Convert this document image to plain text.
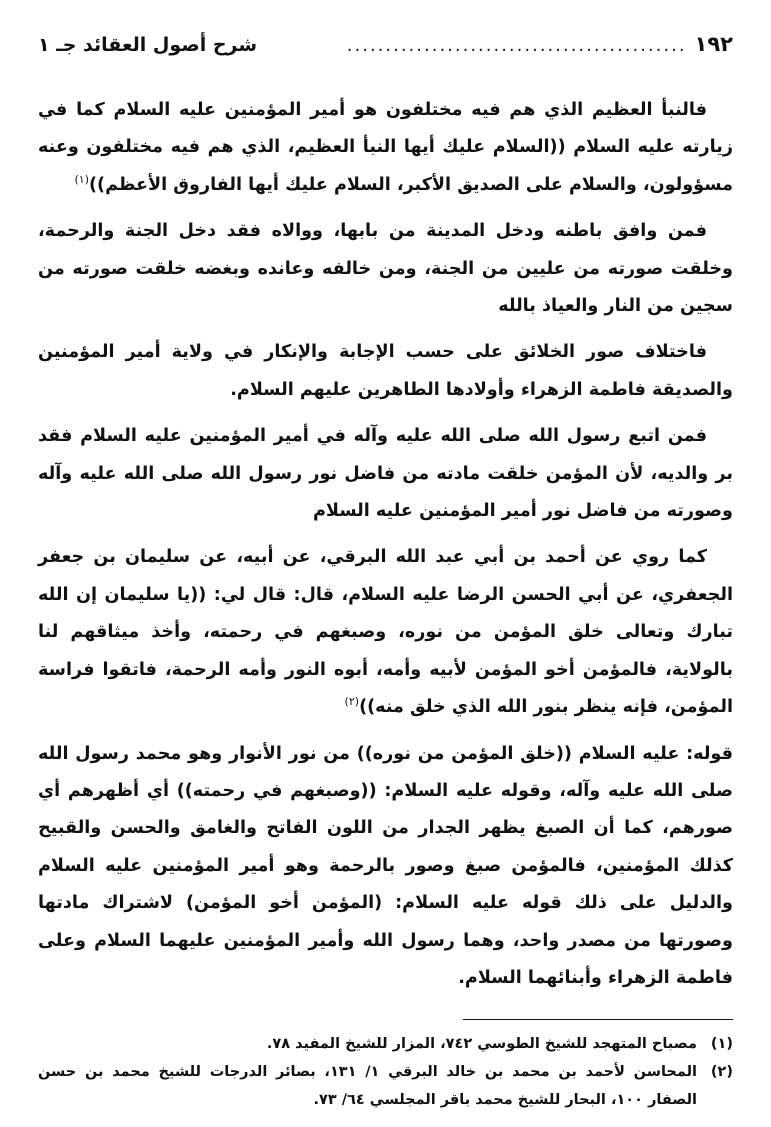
١٩٢
............................................
شرح أصول العقائد جـ ١

فالنبأ العظيم الذي هم فيه مختلفون هو أمير المؤمنين عليه السلام كما في زيارته عليه السلام ((السلام عليك أيها النبأ العظيم، الذي هم فيه مختلفون وعنه مسؤولون، والسلام على الصديق الأكبر، السلام عليك أيها الفاروق الأعظم))$^{(١)}$

فمن وافق باطنه ودخل المدينة من بابها، ووالاه فقد دخل الجنة والرحمة، وخلقت صورته من عليين من الجنة، ومن خالفه وعانده وبغضه خلقت صورته من سجين من النار والعياذ بالله

فاختلاف صور الخلائق على حسب الإجابة والإنكار في ولاية أمير المؤمنين والصديقة فاطمة الزهراء وأولادها الطاهرين عليهم السلام.

فمن اتبع رسول الله صلى الله عليه وآله في أمير المؤمنين عليه السلام فقد بر والديه، لأن المؤمن خلقت مادته من فاضل نور رسول الله صلى الله عليه وآله وصورته من فاضل نور أمير المؤمنين عليه السلام

كما روي عن أحمد بن أبي عبد الله البرقي، عن أبيه، عن سليمان بن جعفر الجعفري، عن أبي الحسن الرضا عليه السلام، قال: قال لي: ((يا سليمان إن الله تبارك وتعالى خلق المؤمن من نوره، وصبغهم في رحمته، وأخذ ميثاقهم لنا بالولاية، فالمؤمن أخو المؤمن لأبيه وأمه، أبوه النور وأمه الرحمة، فاتقوا فراسة المؤمن، فإنه ينظر بنور الله الذي خلق منه))$^{(٢)}$

قوله: عليه السلام ((خلق المؤمن من نوره)) من نور الأنوار وهو محمد رسول الله صلى الله عليه وآله، وقوله عليه السلام: ((وصبغهم في رحمته)) أي أظهرهم أي صورهم، كما أن الصبغ يظهر الجدار من اللون الفاتح والغامق والحسن والقبيح كذلك المؤمنين، فالمؤمن صبغ وصور بالرحمة وهو أمير المؤمنين عليه السلام والدليل على ذلك قوله عليه السلام: (المؤمن أخو المؤمن) لاشتراك مادتها وصورتها من مصدر واحد، وهما رسول الله وأمير المؤمنين عليهما السلام وعلى فاطمة الزهراء وأبنائهما السلام.

(١)
مصباح المتهجد للشيخ الطوسي ٧٤٢، المزار للشيخ المفيد ٧٨.
(٢)
المحاسن لأحمد بن محمد بن خالد البرقي ١/ ١٣١، بصائر الدرجات للشيخ محمد بن حسن الصفار ١٠٠، البحار للشيخ محمد باقر المجلسي ٦٤/ ٧٣.
